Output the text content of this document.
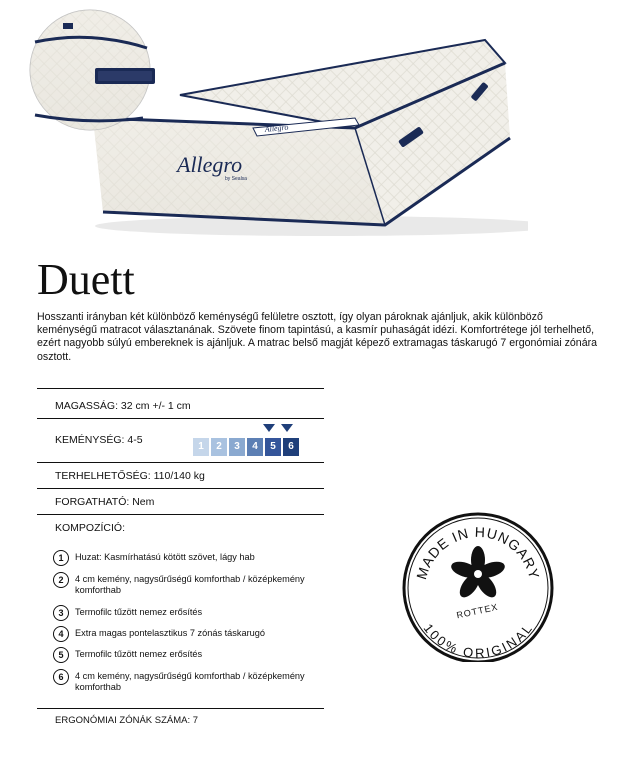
Allegro
Allegro
by Sealsa
Duett

Hosszanti irányban két különböző keménységű felületre osztott, így olyan pároknak ajánljuk, akik különböző keménységű matracot választanának. Szövete finom tapintású, a kasmír puhaságát idézi. Komfortrétege jól terhelhető, ezért nagyobb súlyú embereknek is ajánljuk. A matrac belső magját képező extramagas táskarugó 7 ergonómiai zónára osztott.

MAGASSÁG: 32 cm +/- 1 cm
KEMÉNYSÉG: 4-5
1	2	3	4	5	6
TERHELHETŐSÉG: 110/140 kg
FORGATHATÓ: Nem
KOMPOZÍCIÓ:
1	Huzat: Kasmírhatású kötött szövet, lágy hab
2	4 cm kemény, nagysűrűségű komforthab / középkemény komforthab
3	Termofilc tűzött nemez erősítés
4	Extra magas pontelasztikus 7 zónás táskarugó
5	Termofilc tűzött nemez erősítés
6	4 cm kemény, nagysűrűségű komforthab / középkemény komforthab
ERGONÓMIAI ZÓNÁK SZÁMA: 7
MADE IN HUNGARY
100% ORIGINAL
ROTTEX
